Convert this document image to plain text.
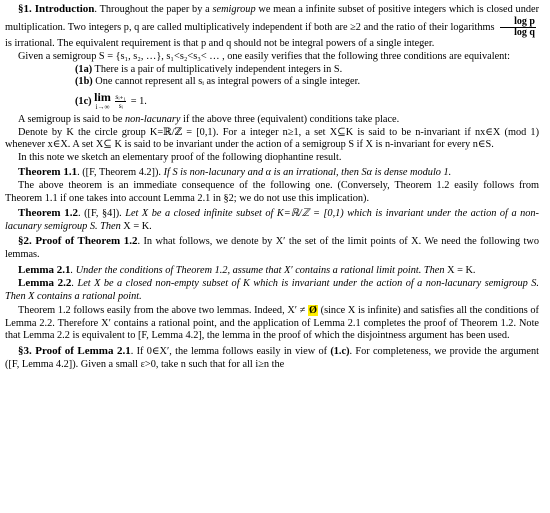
§1. Introduction. Throughout the paper by a semigroup we mean a infinite subset of positive integers which is closed under multiplication. Two integers p, q are called multiplicatively independent if both are ≥2 and the ratio of their logarithms $\frac{\text{log p}}{\text{log q}}$
is irrational. The equivalent requirement is that p and q should not be integral powers of a single integer.

Given a semigroup S = {s₁, s₂, …}, s₁<s₂<s₃< … , one easily verifies that the following three conditions are equivalent:

(1a) There is a pair of multiplicatively independent integers in S.

(1b) One cannot represent all sᵢ as integral powers of a single integer.

(1c) lim
i→∞
$\frac{\text{sᵢ₊₁}}{\text{sᵢ}} = 1$.

A semigroup is said to be non-lacunary if the above three (equivalent) conditions take place.

Denote by K the circle group K=ℝ/ℤ = [0,1). For a integer n≥1, a set X⊆K is said to be n-invariant if nx∈X (mod 1) whenever x∈X. A set X⊆ K is said to be invariant under the action of a semigroup S if X is n-invariant for every n∈S.

In this note we sketch an elementary proof of the following diophantine result.

Theorem 1.1. ([F, Theorem 4.2]). If S is non-lacunary and α is an irrational, then Sα is dense modulo 1.

The above theorem is an immediate consequence of the following one. (Conversely, Theorem 1.2 easily follows from Theorem 1.1 if one takes into account Lemma 2.1 in §2; we do not use this implication).

Theorem 1.2. ([F, §4]). Let X be a closed infinite subset of K=ℝ/ℤ = [0,1) which is invariant under the action of a non-lacunary semigroup S. Then X = K.

§2. Proof of Theorem 1.2. In what follows, we denote by X′ the set of the limit points of X. We need the following two lemmas.

Lemma 2.1. Under the conditions of Theorem 1.2, assume that X′ contains a rational limit point. Then X = K.

Lemma 2.2. Let X be a closed non-empty subset of K which is invariant under the action of a non-lacunary semigroup S. Then X contains a rational point.

Theorem 1.2 follows easily from the above two lemmas. Indeed, X′ ≠ Ø (since X is infinite) and satisfies all the conditions of Lemma 2.2. Therefore X′ contains a rational point, and the application of Lemma 2.1 completes the proof of Theorem 1.2. Note that Lemma 2.2 is equivalent to [F, Lemma 4.2], the lemma in the proof of which the disjointness argument has been used.

§3. Proof of Lemma 2.1. If 0∈X′, the lemma follows easily in view of (1.c). For completeness, we provide the argument ([F, Lemma 4.2]). Given a small ε>0, take n such that for all i≥n the
